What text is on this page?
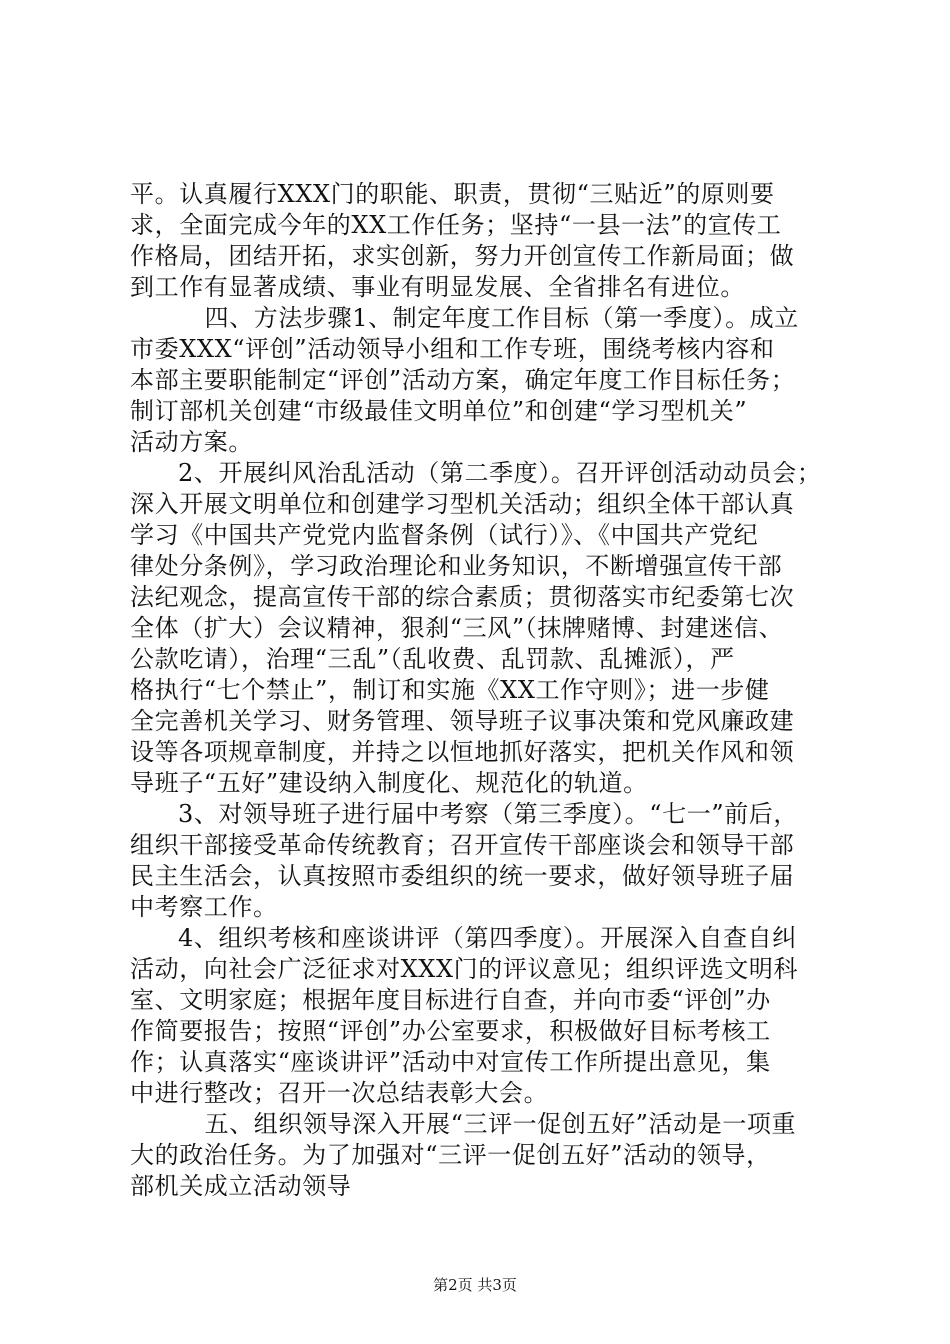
平。认真履行XXX门的职能、职责，贯彻“三贴近”的原则要
求，全面完成今年的XX工作任务；坚持“一县一法”的宣传工
作格局，团结开拓，求实创新，努力开创宣传工作新局面；做
到工作有显著成绩、事业有明显发展、全省排名有进位。
　四、方法步骤1、制定年度工作目标（第一季度）。成立
市委XXX“评创”活动领导小组和工作专班，围绕考核内容和
本部主要职能制定“评创”活动方案，确定年度工作目标任务；
制订部机关创建“市级最佳文明单位”和创建“学习型机关”
活动方案。
2、开展纠风治乱活动（第二季度）。召开评创活动动员会；
深入开展文明单位和创建学习型机关活动；组织全体干部认真
学习《中国共产党党内监督条例（试行）》、《中国共产党纪
律处分条例》，学习政治理论和业务知识，不断增强宣传干部
法纪观念，提高宣传干部的综合素质；贯彻落实市纪委第七次
全体（扩大）会议精神，狠刹“三风”（抹牌赌博、封建迷信、
公款吃请），治理“三乱”（乱收费、乱罚款、乱摊派），严
格执行“七个禁止”，制订和实施《XX工作守则》；进一步健
全完善机关学习、财务管理、领导班子议事决策和党风廉政建
设等各项规章制度，并持之以恒地抓好落实，把机关作风和领
导班子“五好”建设纳入制度化、规范化的轨道。
3、对领导班子进行届中考察（第三季度）。“七一”前后，
组织干部接受革命传统教育；召开宣传干部座谈会和领导干部
民主生活会，认真按照市委组织的统一要求，做好领导班子届
中考察工作。
4、组织考核和座谈讲评（第四季度）。开展深入自查自纠
活动，向社会广泛征求对XXX门的评议意见；组织评选文明科
室、文明家庭；根据年度目标进行自查，并向市委“评创”办
作简要报告；按照“评创”办公室要求，积极做好目标考核工
作；认真落实“座谈讲评”活动中对宣传工作所提出意见，集
中进行整改；召开一次总结表彰大会。
　五、组织领导深入开展“三评一促创五好”活动是一项重
大的政治任务。为了加强对“三评一促创五好”活动的领导，
部机关成立活动领导
第2页 共3页
